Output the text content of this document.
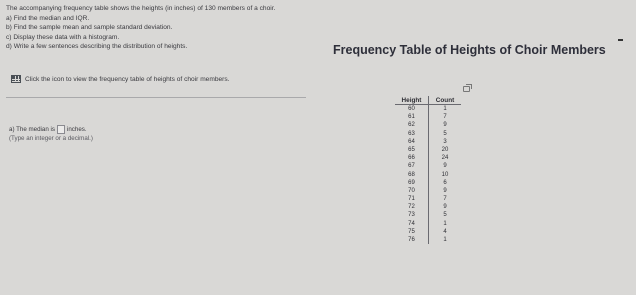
The accompanying frequency table shows the heights (in inches) of 130 members of a choir.
a) Find the median and IQR.
b) Find the sample mean and sample standard deviation.
c) Display these data with a histogram.
d) Write a few sentences describing the distribution of heights.
Click the icon to view the frequency table of heights of choir members.
a) The median is inches.
(Type an integer or a decimal.)
Frequency Table of Heights of Choir Members
Height	Count
60	1
61	7
62	9
63	5
64	3
65	20
66	24
67	9
68	10
69	6
70	9
71	7
72	9
73	5
74	1
75	4
76	1
